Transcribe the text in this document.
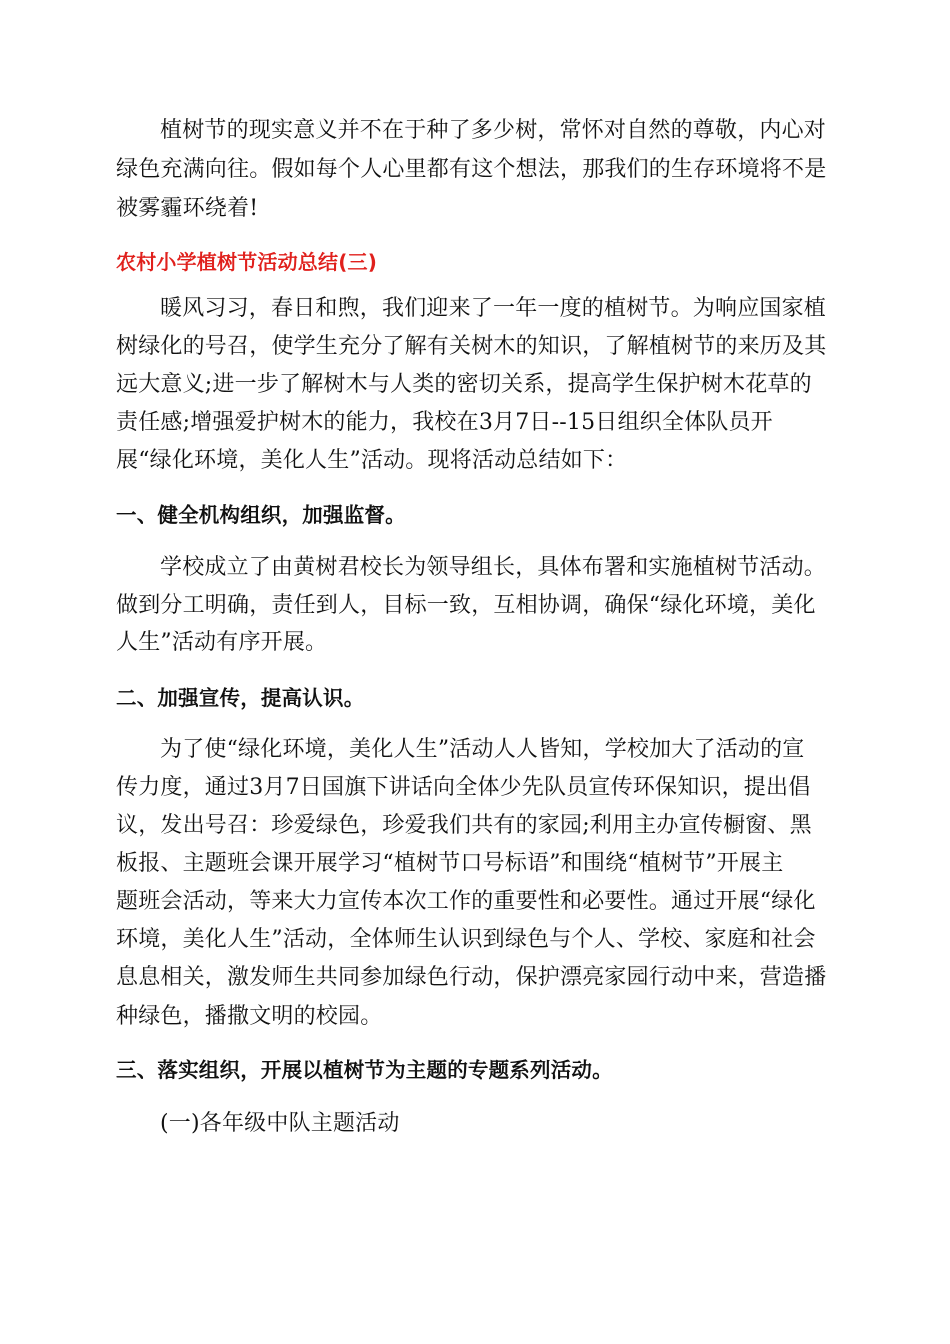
植树节的现实意义并不在于种了多少树，常怀对自然的尊敬，内心对
绿色充满向往。假如每个人心里都有这个想法，那我们的生存环境将不是
被雾霾环绕着!
农村小学植树节活动总结(三)
暖风习习，春日和煦，我们迎来了一年一度的植树节。为响应国家植
树绿化的号召，使学生充分了解有关树木的知识，了解植树节的来历及其
远大意义;进一步了解树木与人类的密切关系，提高学生保护树木花草的
责任感;增强爱护树木的能力，我校在3月7日--15日组织全体队员开
展“绿化环境，美化人生”活动。现将活动总结如下：
一、健全机构组织，加强监督。
学校成立了由黄树君校长为领导组长，具体布署和实施植树节活动。
做到分工明确，责任到人，目标一致，互相协调，确保“绿化环境，美化
人生”活动有序开展。
二、加强宣传，提高认识。
为了使“绿化环境，美化人生”活动人人皆知，学校加大了活动的宣
传力度，通过3月7日国旗下讲话向全体少先队员宣传环保知识，提出倡
议，发出号召：珍爱绿色，珍爱我们共有的家园;利用主办宣传橱窗、黑
板报、主题班会课开展学习“植树节口号标语”和围绕“植树节”开展主
题班会活动，等来大力宣传本次工作的重要性和必要性。通过开展“绿化
环境，美化人生”活动，全体师生认识到绿色与个人、学校、家庭和社会
息息相关，激发师生共同参加绿色行动，保护漂亮家园行动中来，营造播
种绿色，播撒文明的校园。
三、落实组织，开展以植树节为主题的专题系列活动。
(一)各年级中队主题活动
